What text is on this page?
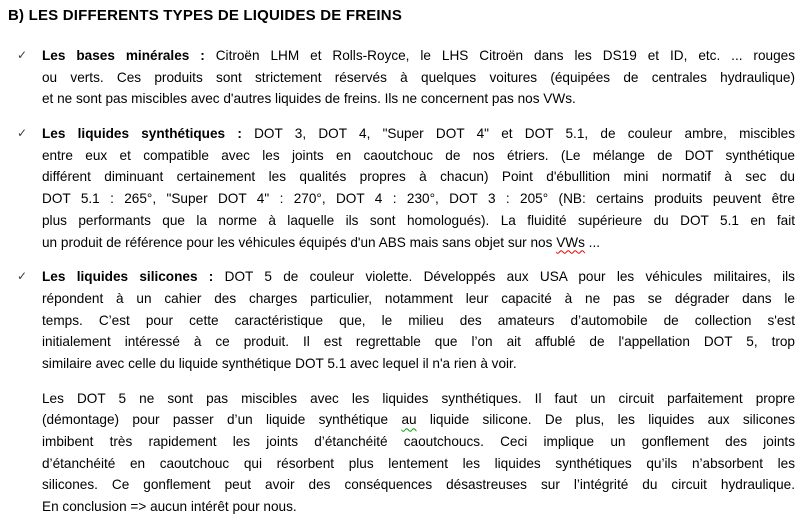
B) LES DIFFERENTS TYPES DE LIQUIDES DE FREINS
✓ Les bases minérales : Citroën LHM et Rolls-Royce, le LHS Citroën dans les DS19 et ID, etc. ... rouges
ou verts. Ces produits sont strictement réservés à quelques voitures (équipées de centrales hydraulique)
et ne sont pas miscibles avec d'autres liquides de freins. Ils ne concernent pas nos VWs.
✓ Les liquides synthétiques : DOT 3, DOT 4, "Super DOT 4" et DOT 5.1, de couleur ambre, miscibles
entre eux et compatible avec les joints en caoutchouc de nos étriers. (Le mélange de DOT synthétique
différent diminuant certainement les qualités propres à chacun) Point d'ébullition mini normatif à sec du
DOT 5.1 : 265°, "Super DOT 4" : 270°, DOT 4 : 230°, DOT 3 : 205° (NB: certains produits peuvent être
plus performants que la norme à laquelle ils sont homologués). La fluidité supérieure du DOT 5.1 en fait
un produit de référence pour les véhicules équipés d'un ABS mais sans objet sur nos VWs ...
✓ Les liquides silicones : DOT 5 de couleur violette. Développés aux USA pour les véhicules militaires, ils
répondent à un cahier des charges particulier, notamment leur capacité à ne pas se dégrader dans le
temps. C’est pour cette caractéristique que, le milieu des amateurs d’automobile de collection s'est
initialement intéressé à ce produit. Il est regrettable que l’on ait affublé de l'appellation DOT 5, trop
similaire avec celle du liquide synthétique DOT 5.1 avec lequel il n'a rien à voir.
Les DOT 5 ne sont pas miscibles avec les liquides synthétiques. Il faut un circuit parfaitement propre
(démontage) pour passer d’un liquide synthétique au liquide silicone. De plus, les liquides aux silicones
imbibent très rapidement les joints d’étanchéité caoutchoucs. Ceci implique un gonflement des joints
d’étanchéité en caoutchouc qui résorbent plus lentement les liquides synthétiques qu’ils n’absorbent les
silicones. Ce gonflement peut avoir des conséquences désastreuses sur l’intégrité du circuit hydraulique.
En conclusion => aucun intérêt pour nous.
